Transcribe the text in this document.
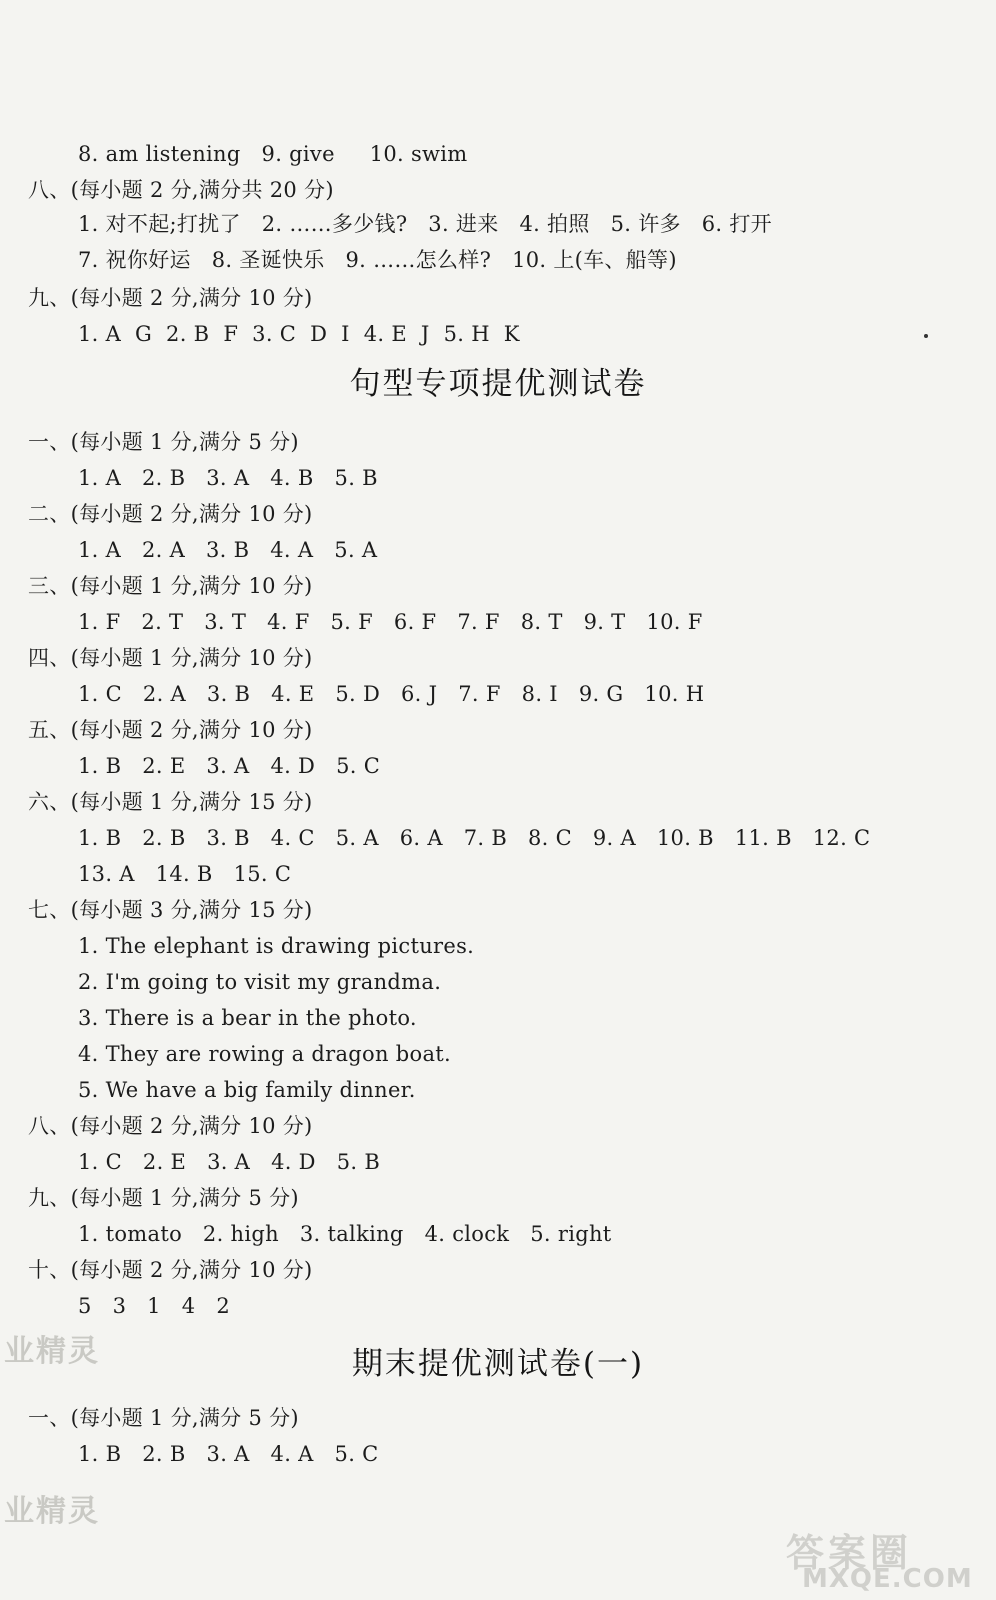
8. am listening   9. give     10. swim
八、(每小题 2 分,满分共 20 分)
1. 对不起;打扰了   2. ……多少钱?   3. 进来   4. 拍照   5. 许多   6. 打开
7. 祝你好运   8. 圣诞快乐   9. ……怎么样?   10. 上(车、船等)
九、(每小题 2 分,满分 10 分)
1. A  G  2. B  F  3. C  D  I  4. E  J  5. H  K
句型专项提优测试卷
一、(每小题 1 分,满分 5 分)
1. A   2. B   3. A   4. B   5. B
二、(每小题 2 分,满分 10 分)
1. A   2. A   3. B   4. A   5. A
三、(每小题 1 分,满分 10 分)
1. F   2. T   3. T   4. F   5. F   6. F   7. F   8. T   9. T   10. F
四、(每小题 1 分,满分 10 分)
1. C   2. A   3. B   4. E   5. D   6. J   7. F   8. I   9. G   10. H
五、(每小题 2 分,满分 10 分)
1. B   2. E   3. A   4. D   5. C
六、(每小题 1 分,满分 15 分)
1. B   2. B   3. B   4. C   5. A   6. A   7. B   8. C   9. A   10. B   11. B   12. C
13. A   14. B   15. C
七、(每小题 3 分,满分 15 分)
1. The elephant is drawing pictures.
2. I'm going to visit my grandma.
3. There is a bear in the photo.
4. They are rowing a dragon boat.
5. We have a big family dinner.
八、(每小题 2 分,满分 10 分)
1. C   2. E   3. A   4. D   5. B
九、(每小题 1 分,满分 5 分)
1. tomato   2. high   3. talking   4. clock   5. right
十、(每小题 2 分,满分 10 分)
5   3   1   4   2
业精灵	期末提优测试卷(一)
一、(每小题 1 分,满分 5 分)
1. B   2. B   3. A   4. A   5. C
业精灵
答案圈
MXQE.COM
